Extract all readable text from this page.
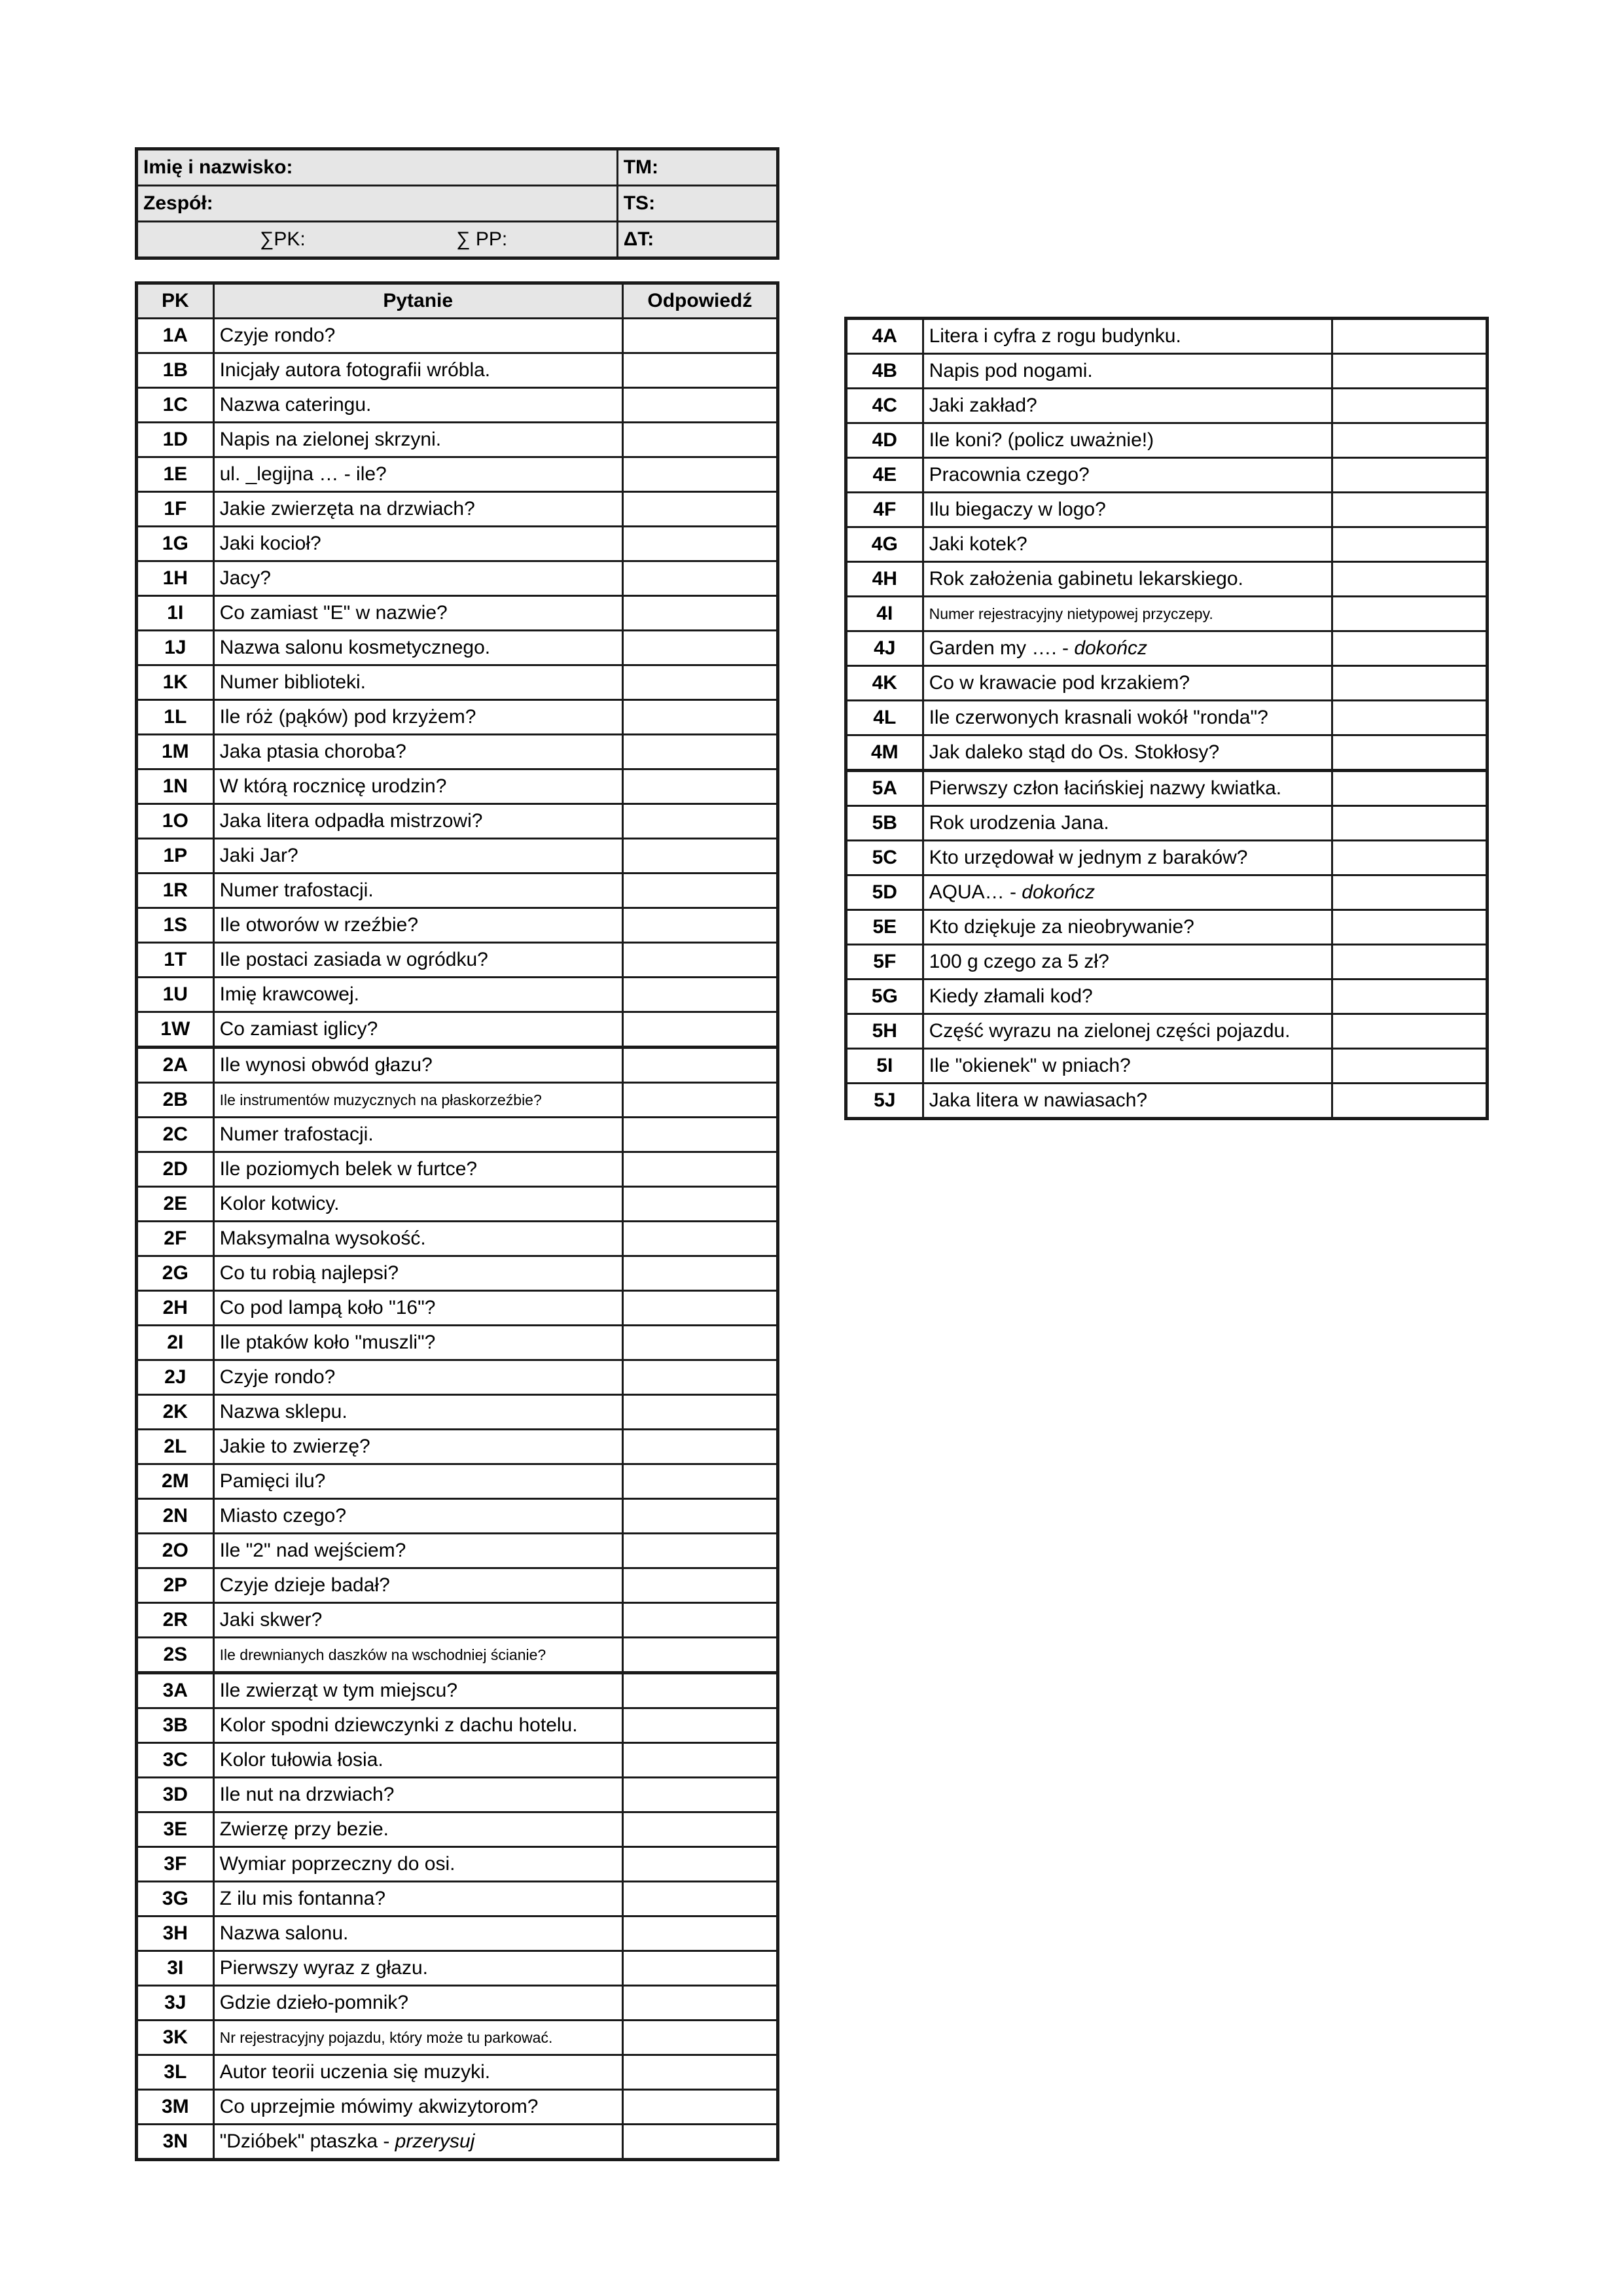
Imię i nazwisko:	TM:
Zespół:	TS:
∑PK: ∑ PP:	ΔT:
PK	Pytanie	Odpowiedź
1A	Czyje rondo?	
1B	Inicjały autora fotografii wróbla.	
1C	Nazwa cateringu.	
1D	Napis na zielonej skrzyni.	
1E	ul. _legijna … - ile?	
1F	Jakie zwierzęta na drzwiach?	
1G	Jaki kocioł?	
1H	Jacy?	
1I	Co zamiast "E" w nazwie?	
1J	Nazwa salonu kosmetycznego.	
1K	Numer biblioteki.	
1L	Ile róż (pąków) pod krzyżem?	
1M	Jaka ptasia choroba?	
1N	W którą rocznicę urodzin?	
1O	Jaka litera odpadła mistrzowi?	
1P	Jaki Jar?	
1R	Numer trafostacji.	
1S	Ile otworów w rzeźbie?	
1T	Ile postaci zasiada w ogródku?	
1U	Imię krawcowej.	
1W	Co zamiast iglicy?	
2A	Ile wynosi obwód głazu?	
2B	Ile instrumentów muzycznych na płaskorzeźbie?	
2C	Numer trafostacji.	
2D	Ile poziomych belek w furtce?	
2E	Kolor kotwicy.	
2F	Maksymalna wysokość.	
2G	Co tu robią najlepsi?	
2H	Co pod lampą koło "16"?	
2I	Ile ptaków koło "muszli"?	
2J	Czyje rondo?	
2K	Nazwa sklepu.	
2L	Jakie to zwierzę?	
2M	Pamięci ilu?	
2N	Miasto czego?	
2O	Ile "2" nad wejściem?	
2P	Czyje dzieje badał?	
2R	Jaki skwer?	
2S	Ile drewnianych daszków na wschodniej ścianie?	
3A	Ile zwierząt w tym miejscu?	
3B	Kolor spodni dziewczynki z dachu hotelu.	
3C	Kolor tułowia łosia.	
3D	Ile nut na drzwiach?	
3E	Zwierzę przy bezie.	
3F	Wymiar poprzeczny do osi.	
3G	Z ilu mis fontanna?	
3H	Nazwa salonu.	
3I	Pierwszy wyraz z głazu.	
3J	Gdzie dzieło-pomnik?	
3K	Nr rejestracyjny pojazdu, który może tu parkować.	
3L	Autor teorii uczenia się muzyki.	
3M	Co uprzejmie mówimy akwizytorom?	
3N	"Dzióbek" ptaszka - przerysuj	
4A	Litera i cyfra z rogu budynku.	
4B	Napis pod nogami.	
4C	Jaki zakład?	
4D	Ile koni? (policz uważnie!)	
4E	Pracownia czego?	
4F	Ilu biegaczy w logo?	
4G	Jaki kotek?	
4H	Rok założenia gabinetu lekarskiego.	
4I	Numer rejestracyjny nietypowej przyczepy.	
4J	Garden my …. - dokończ	
4K	Co w krawacie pod krzakiem?	
4L	Ile czerwonych krasnali wokół "ronda"?	
4M	Jak daleko stąd do Os. Stokłosy?	
5A	Pierwszy człon łacińskiej nazwy kwiatka.	
5B	Rok urodzenia Jana.	
5C	Kto urzędował w jednym z baraków?	
5D	AQUA… - dokończ	
5E	Kto dziękuje za nieobrywanie?	
5F	100 g czego za 5 zł?	
5G	Kiedy złamali kod?	
5H	Część wyrazu na zielonej części pojazdu.	
5I	Ile "okienek" w pniach?	
5J	Jaka litera w nawiasach?	
